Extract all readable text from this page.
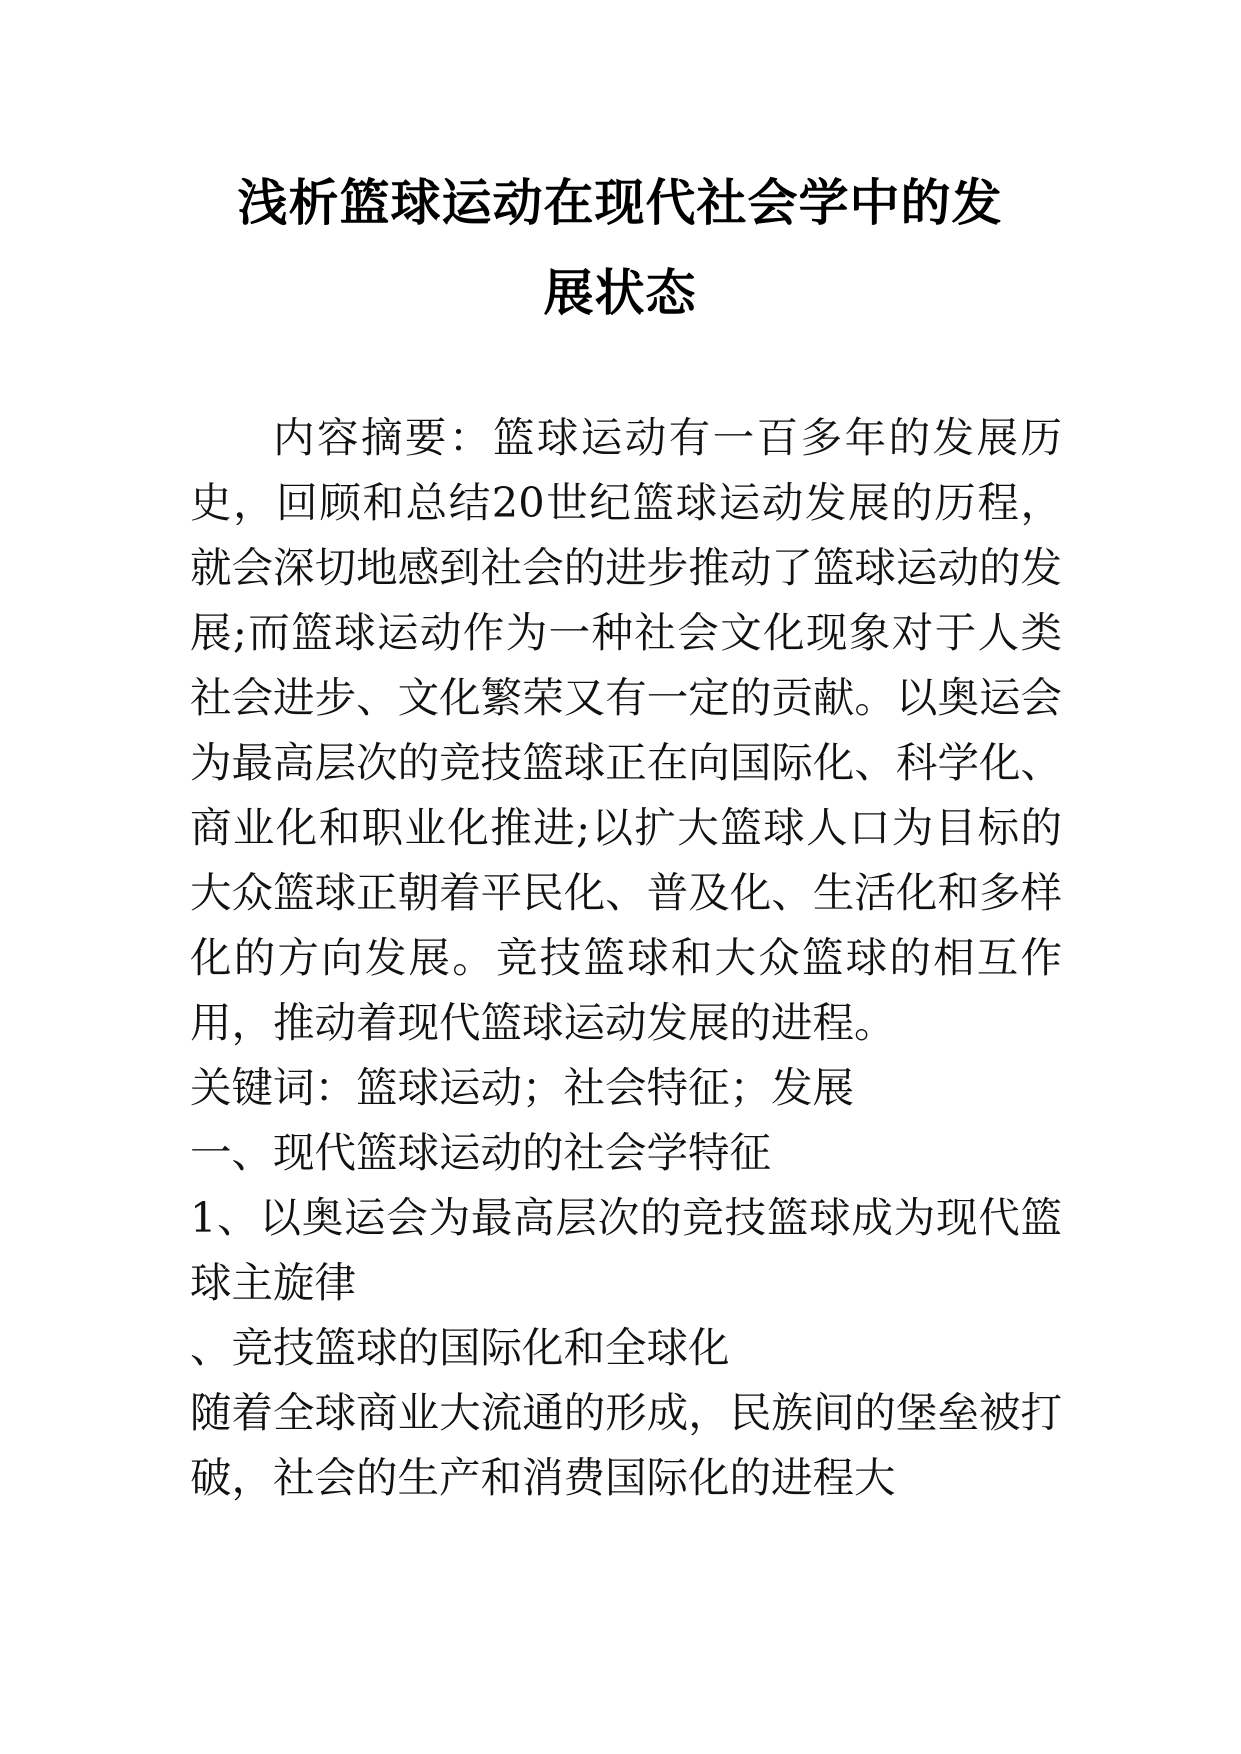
浅析篮球运动在现代社会学中的发
展状态

内容摘要：篮球运动有一百多年的发展历史，回顾和总结20世纪篮球运动发展的历程，就会深切地感到社会的进步推动了篮球运动的发展;而篮球运动作为一种社会文化现象对于人类社会进步、文化繁荣又有一定的贡献。以奥运会为最高层次的竞技篮球正在向国际化、科学化、商业化和职业化推进;以扩大篮球人口为目标的大众篮球正朝着平民化、普及化、生活化和多样化的方向发展。竞技篮球和大众篮球的相互作用，推动着现代篮球运动发展的进程。

关键词：篮球运动；社会特征；发展

一、现代篮球运动的社会学特征

1、以奥运会为最高层次的竞技篮球成为现代篮球主旋律

、竞技篮球的国际化和全球化

随着全球商业大流通的形成，民族间的堡垒被打破，社会的生产和消费国际化的进程大
